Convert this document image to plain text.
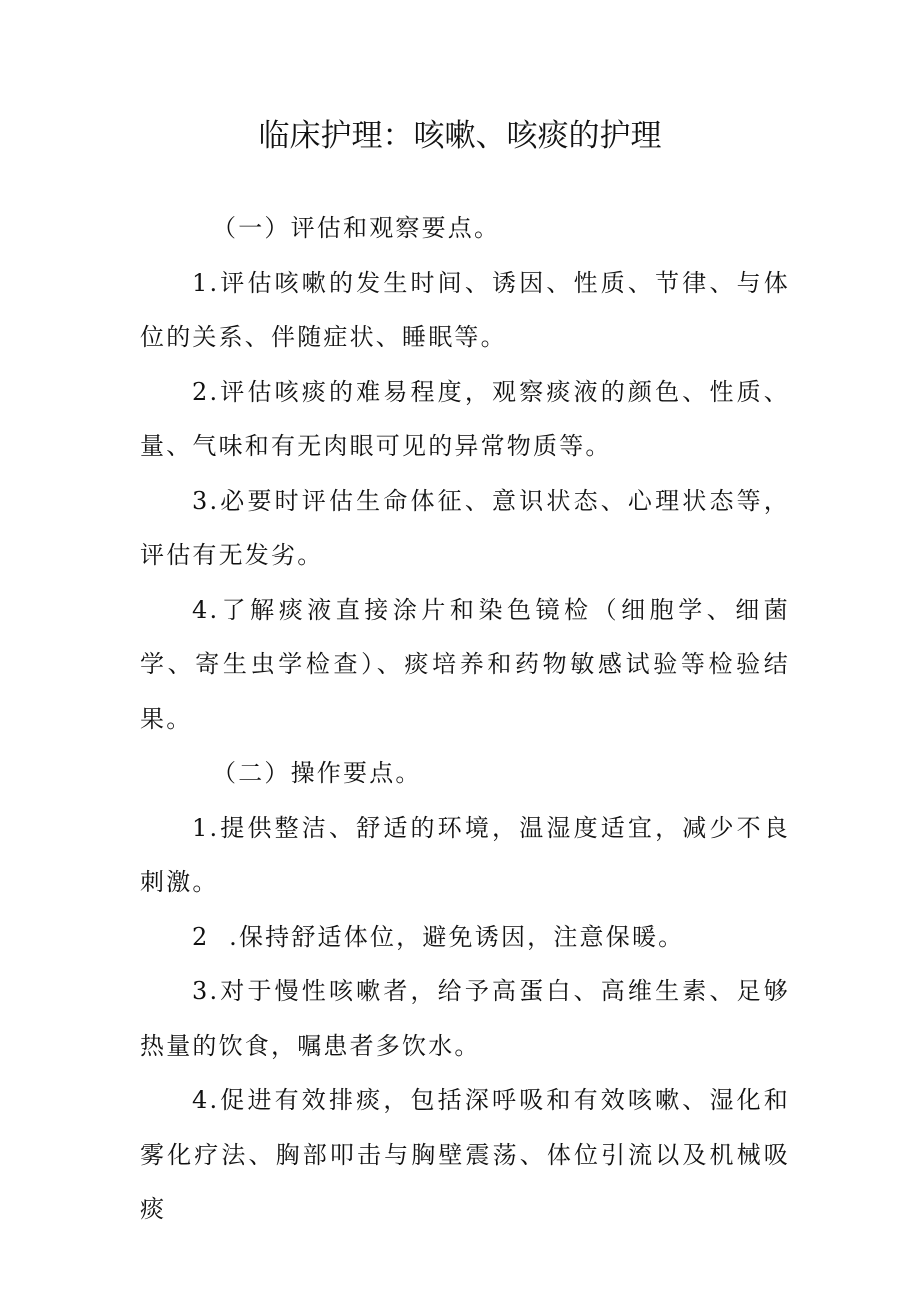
临床护理：咳嗽、咳痰的护理

（一）评估和观察要点。

1.评估咳嗽的发生时间、诱因、性质、节律、与体位的关系、伴随症状、睡眠等。

2.评估咳痰的难易程度，观察痰液的颜色、性质、量、气味和有无肉眼可见的异常物质等。

3.必要时评估生命体征、意识状态、心理状态等，评估有无发劣。

4.了解痰液直接涂片和染色镜检（细胞学、细菌学、寄生虫学检查）、痰培养和药物敏感试验等检验结果。

（二）操作要点。

1.提供整洁、舒适的环境，温湿度适宜，减少不良刺激。

2  .保持舒适体位，避免诱因，注意保暖。

3.对于慢性咳嗽者，给予高蛋白、高维生素、足够热量的饮食，嘱患者多饮水。

4.促进有效排痰，包括深呼吸和有效咳嗽、湿化和雾化疗法、胸部叩击与胸壁震荡、体位引流以及机械吸痰
